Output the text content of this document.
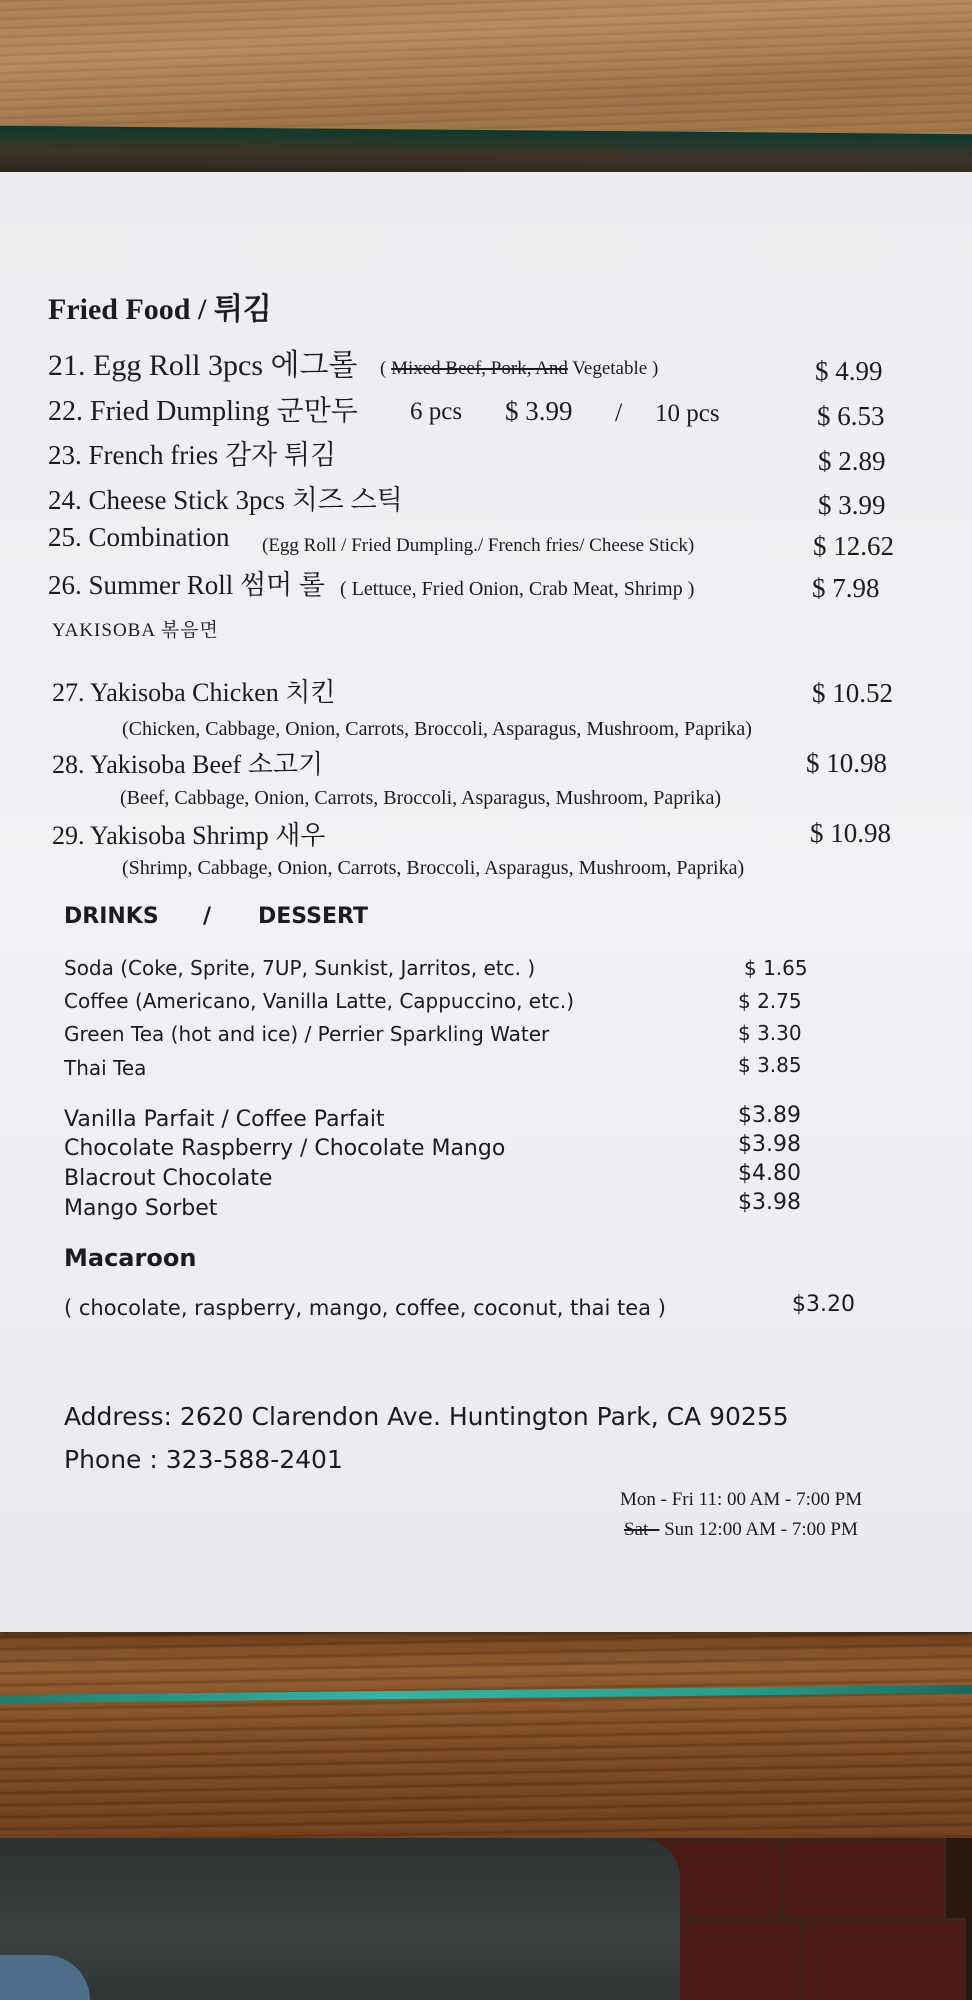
Fried Food / 튀김
21. Egg Roll 3pcs 에그롤 ( Mixed Beef, Pork, And Vegetable )	$ 4.99
22. Fried Dumpling 군만두 6 pcs $ 3.99 / 10 pcs	$ 6.53
23. French fries 감자 튀김	$ 2.89
24. Cheese Stick 3pcs 치즈 스틱	$ 3.99
25. Combination (Egg Roll / Fried Dumpling./ French fries/ Cheese Stick)	$ 12.62
26. Summer Roll 썸머 롤 ( Lettuce, Fried Onion, Crab Meat, Shrimp )	$ 7.98
YAKISOBA 볶음면
27. Yakisoba Chicken 치킨	$ 10.52
(Chicken, Cabbage, Onion, Carrots, Broccoli, Asparagus, Mushroom, Paprika)
28. Yakisoba Beef 소고기	$ 10.98
(Beef, Cabbage, Onion, Carrots, Broccoli, Asparagus, Mushroom, Paprika)
29. Yakisoba Shrimp 새우	$ 10.98
(Shrimp, Cabbage, Onion, Carrots, Broccoli, Asparagus, Mushroom, Paprika)
DRINKS / DESSERT
Soda (Coke, Sprite, 7UP, Sunkist, Jarritos, etc. )	$ 1.65
Coffee (Americano, Vanilla Latte, Cappuccino, etc.)	$ 2.75
Green Tea (hot and ice) / Perrier Sparkling Water	$ 3.30
Thai Tea	$ 3.85
Vanilla Parfait / Coffee Parfait	$3.89
Chocolate Raspberry / Chocolate Mango	$3.98
Blacrout Chocolate	$4.80
Mango Sorbet	$3.98
Macaroon
( chocolate, raspberry, mango, coffee, coconut, thai tea )	$3.20
Address: 2620 Clarendon Ave. Huntington Park, CA 90255
Phone : 323-588-2401
Mon - Fri 11: 00 AM - 7:00 PM
Sat - Sun 12:00 AM - 7:00 PM
